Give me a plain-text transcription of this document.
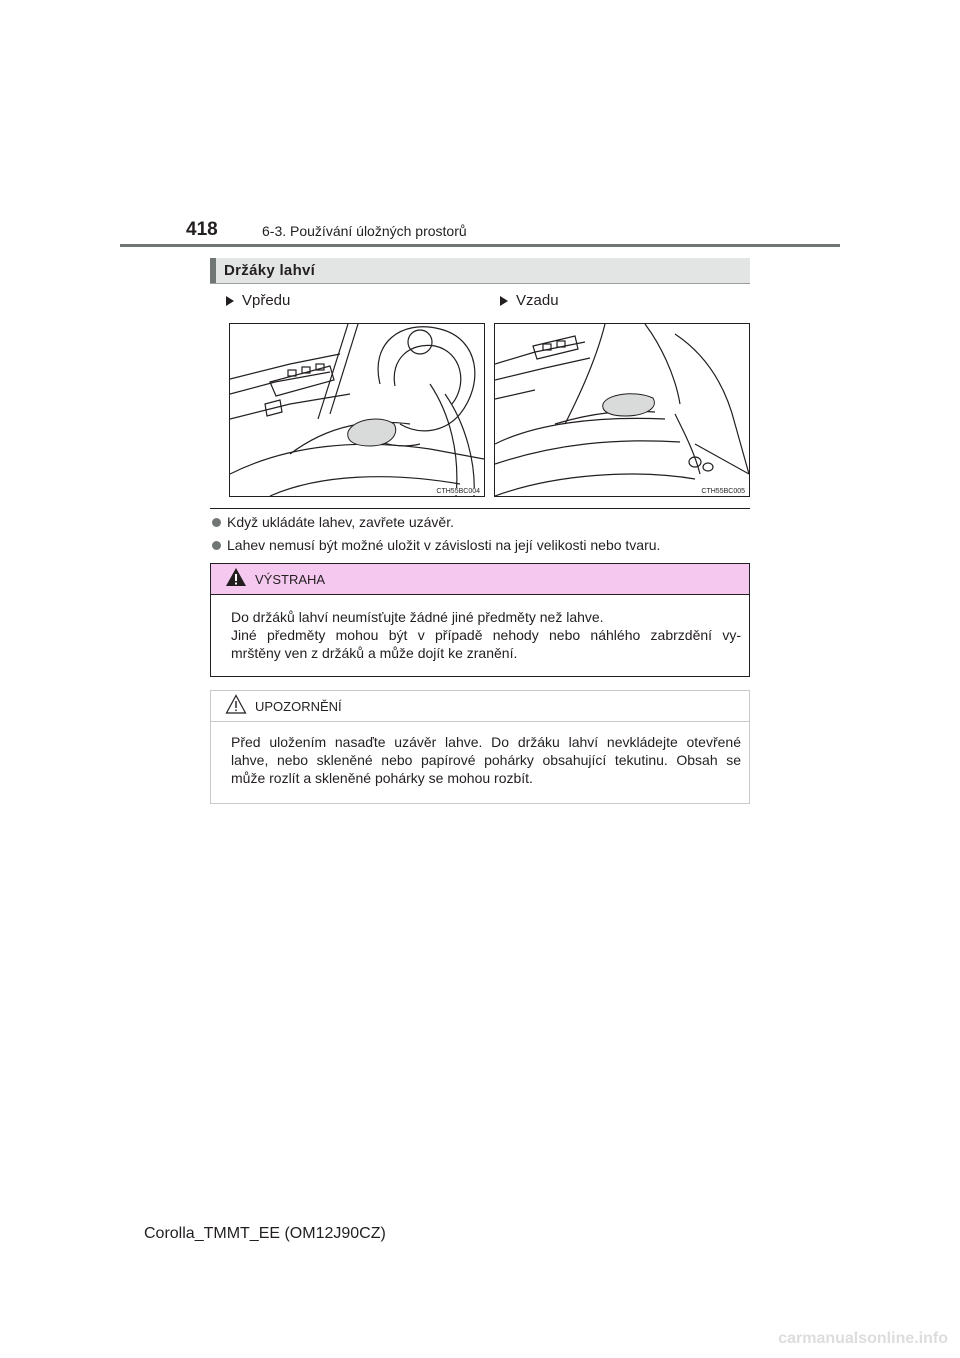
418	6-3. Používání úložných prostorů
Držáky lahví
Vpředu	Vzadu
CTH55BC004	CTH55BC005
Když ukládáte lahev, zavřete uzávěr.
Lahev nemusí být možné uložit v závislosti na její velikosti nebo tvaru.
VÝSTRAHA
Do držáků lahví neumísťujte žádné jiné předměty než lahve.
Jiné předměty mohou být v případě nehody nebo náhlého zabrzdění vy-
mrštěny ven z držáků a může dojít ke zranění.
UPOZORNĚNÍ
Před uložením nasaďte uzávěr lahve. Do držáku lahví nevkládejte otevřené
lahve, nebo skleněné nebo papírové pohárky obsahující tekutinu. Obsah se
může rozlít a skleněné pohárky se mohou rozbít.
Corolla_TMMT_EE (OM12J90CZ)
carmanualsonline.info
